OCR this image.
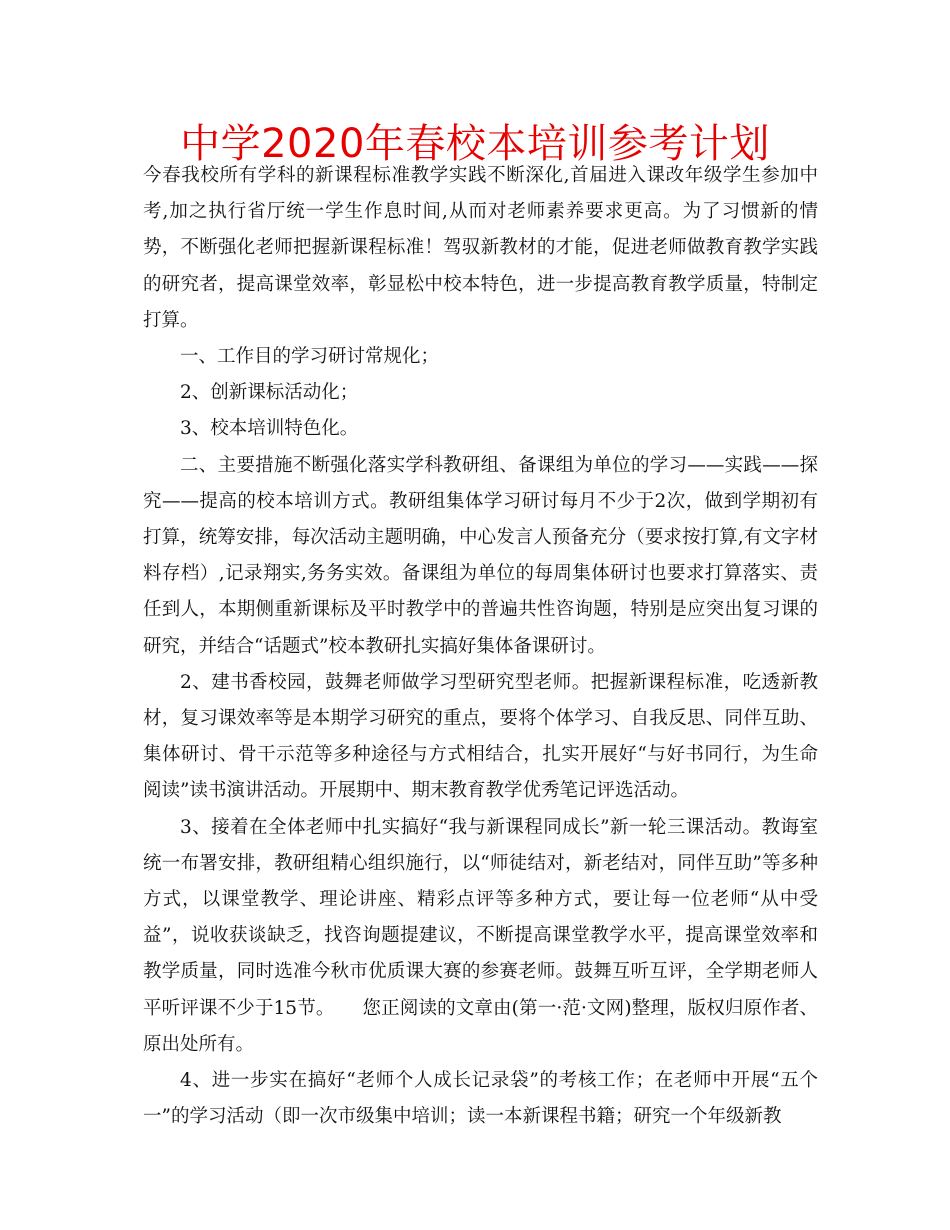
中学2020年春校本培训参考计划

今春我校所有学科的新课程标准教学实践不断深化,首届进入课改年级学生参加中考,加之执行省厅统一学生作息时间,从而对老师素养要求更高。为了习惯新的情势，不断强化老师把握新课程标准！驾驭新教材的才能，促进老师做教育教学实践的研究者，提高课堂效率，彰显松中校本特色，进一步提高教育教学质量，特制定打算。

一、工作目的学习研讨常规化；

2、创新课标活动化；

3、校本培训特色化。

二、主要措施不断强化落实学科教研组、备课组为单位的学习——实践——探究——提高的校本培训方式。教研组集体学习研讨每月不少于2次，做到学期初有打算，统筹安排，每次活动主题明确，中心发言人预备充分（要求按打算,有文字材料存档）,记录翔实,务务实效。备课组为单位的每周集体研讨也要求打算落实、责任到人，本期侧重新课标及平时教学中的普遍共性咨询题，特别是应突出复习课的研究，并结合“话题式”校本教研扎实搞好集体备课研讨。

2、建书香校园，鼓舞老师做学习型研究型老师。把握新课程标准，吃透新教材，复习课效率等是本期学习研究的重点，要将个体学习、自我反思、同伴互助、集体研讨、骨干示范等多种途径与方式相结合，扎实开展好“与好书同行，为生命阅读”读书演讲活动。开展期中、期末教育教学优秀笔记评选活动。

3、接着在全体老师中扎实搞好“我与新课程同成长”新一轮三课活动。教诲室统一布署安排，教研组精心组织施行，以“师徒结对，新老结对，同伴互助”等多种方式，以课堂教学、理论讲座、精彩点评等多种方式，要让每一位老师“从中受益”，说收获谈缺乏，找咨询题提建议，不断提高课堂教学水平，提高课堂效率和教学质量，同时选准今秋市优质课大赛的参赛老师。鼓舞互听互评，全学期老师人平听评课不少于15节。　　您正阅读的文章由(第一·范·文网)整理，版权归原作者、原出处所有。

4、进一步实在搞好“老师个人成长记录袋”的考核工作；在老师中开展“五个一”的学习活动（即一次市级集中培训；读一本新课程书籍；研究一个年级新教
